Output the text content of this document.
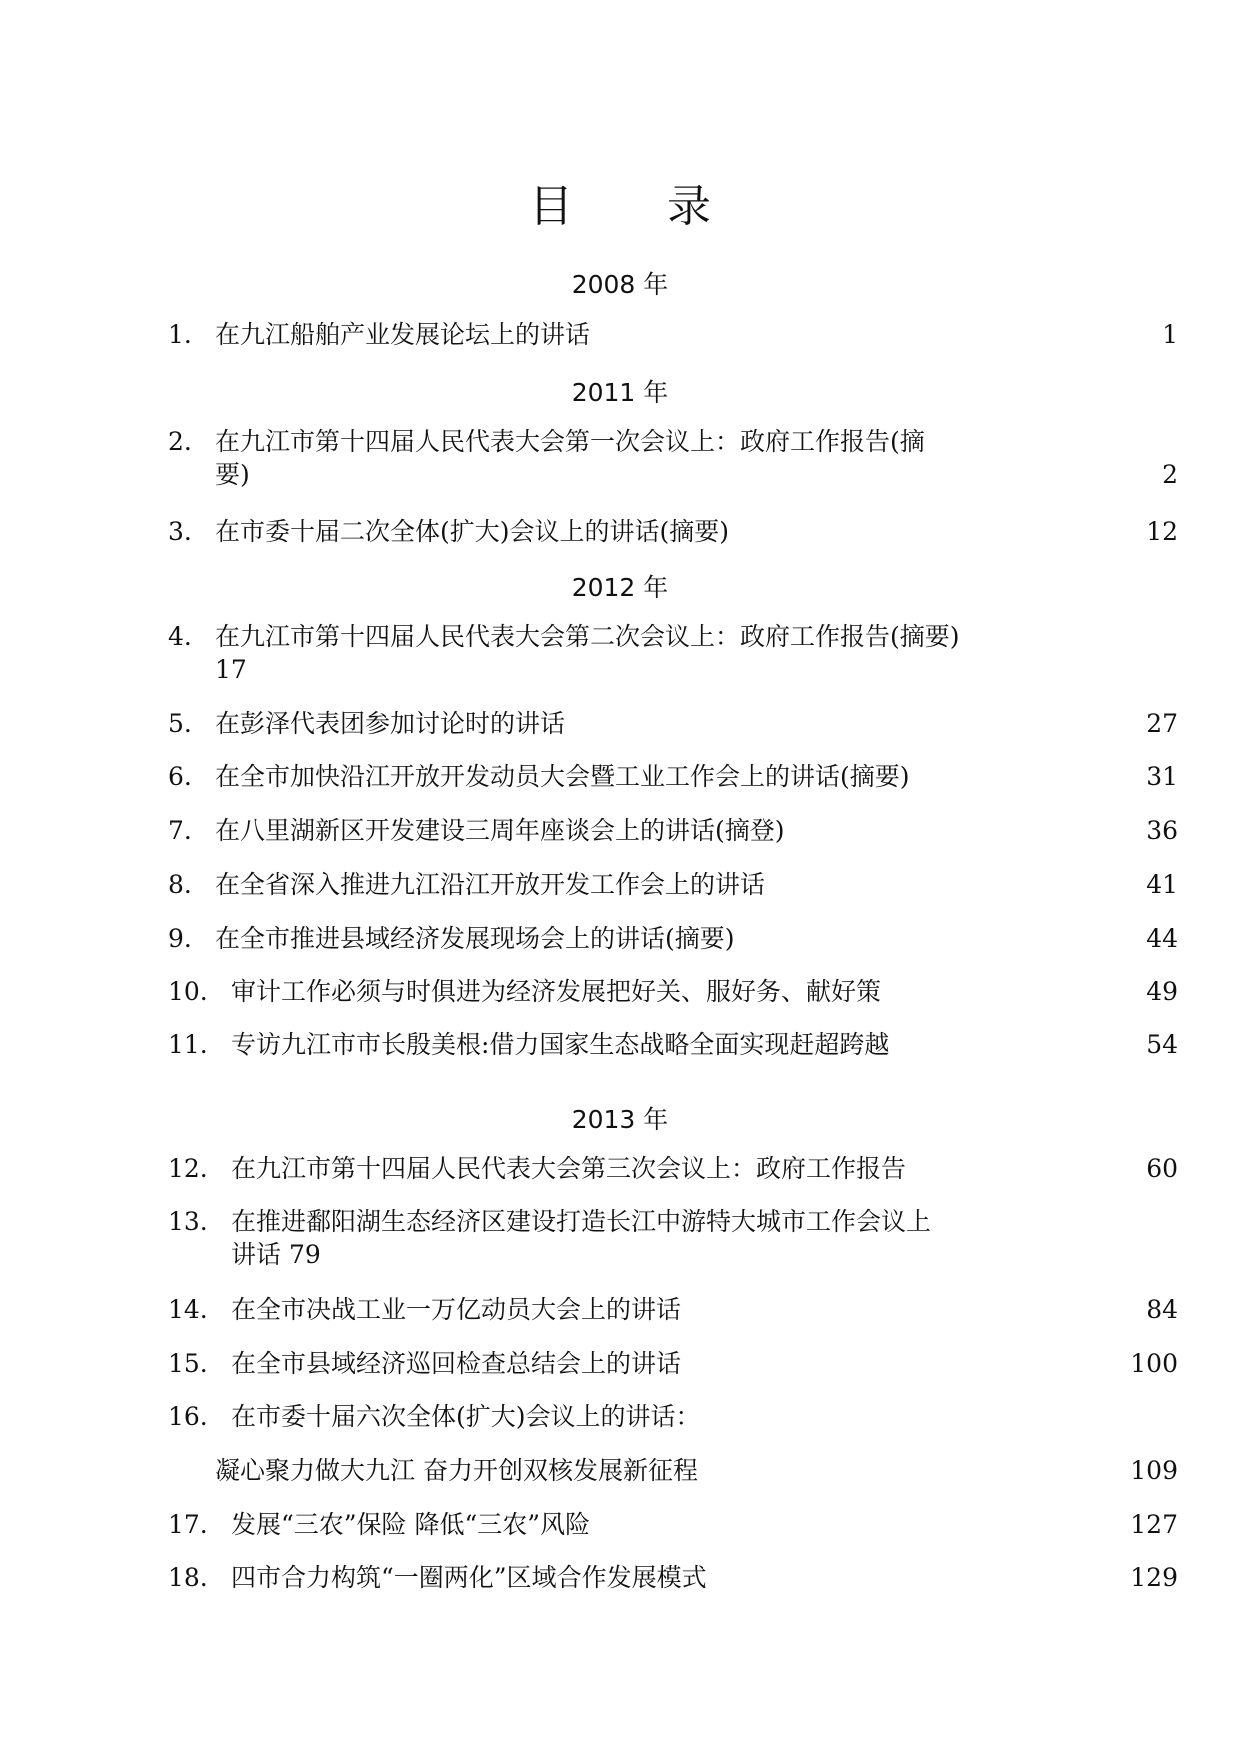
目 录
2008 年
1. 在九江船舶产业发展论坛上的讲话	1
2011 年
2. 在九江市第十四届人民代表大会第一次会议上：政府工作报告(摘
要)	2
3. 在市委十届二次全体(扩大)会议上的讲话(摘要)	12
2012 年
4. 在九江市第十四届人民代表大会第二次会议上：政府工作报告(摘要)
17
5. 在彭泽代表团参加讨论时的讲话	27
6. 在全市加快沿江开放开发动员大会暨工业工作会上的讲话(摘要)	31
7. 在八里湖新区开发建设三周年座谈会上的讲话(摘登)	36
8. 在全省深入推进九江沿江开放开发工作会上的讲话	41
9. 在全市推进县域经济发展现场会上的讲话(摘要)	44
10. 审计工作必须与时俱进为经济发展把好关、服好务、献好策	49
11. 专访九江市市长殷美根:借力国家生态战略全面实现赶超跨越	54
2013 年
12. 在九江市第十四届人民代表大会第三次会议上：政府工作报告	60
13. 在推进鄱阳湖生态经济区建设打造长江中游特大城市工作会议上
讲话 79
14. 在全市决战工业一万亿动员大会上的讲话	84
15. 在全市县域经济巡回检查总结会上的讲话	100
16. 在市委十届六次全体(扩大)会议上的讲话：
凝心聚力做大九江 奋力开创双核发展新征程	109
17. 发展“三农”保险 降低“三农”风险	127
18. 四市合力构筑“一圈两化”区域合作发展模式	129
